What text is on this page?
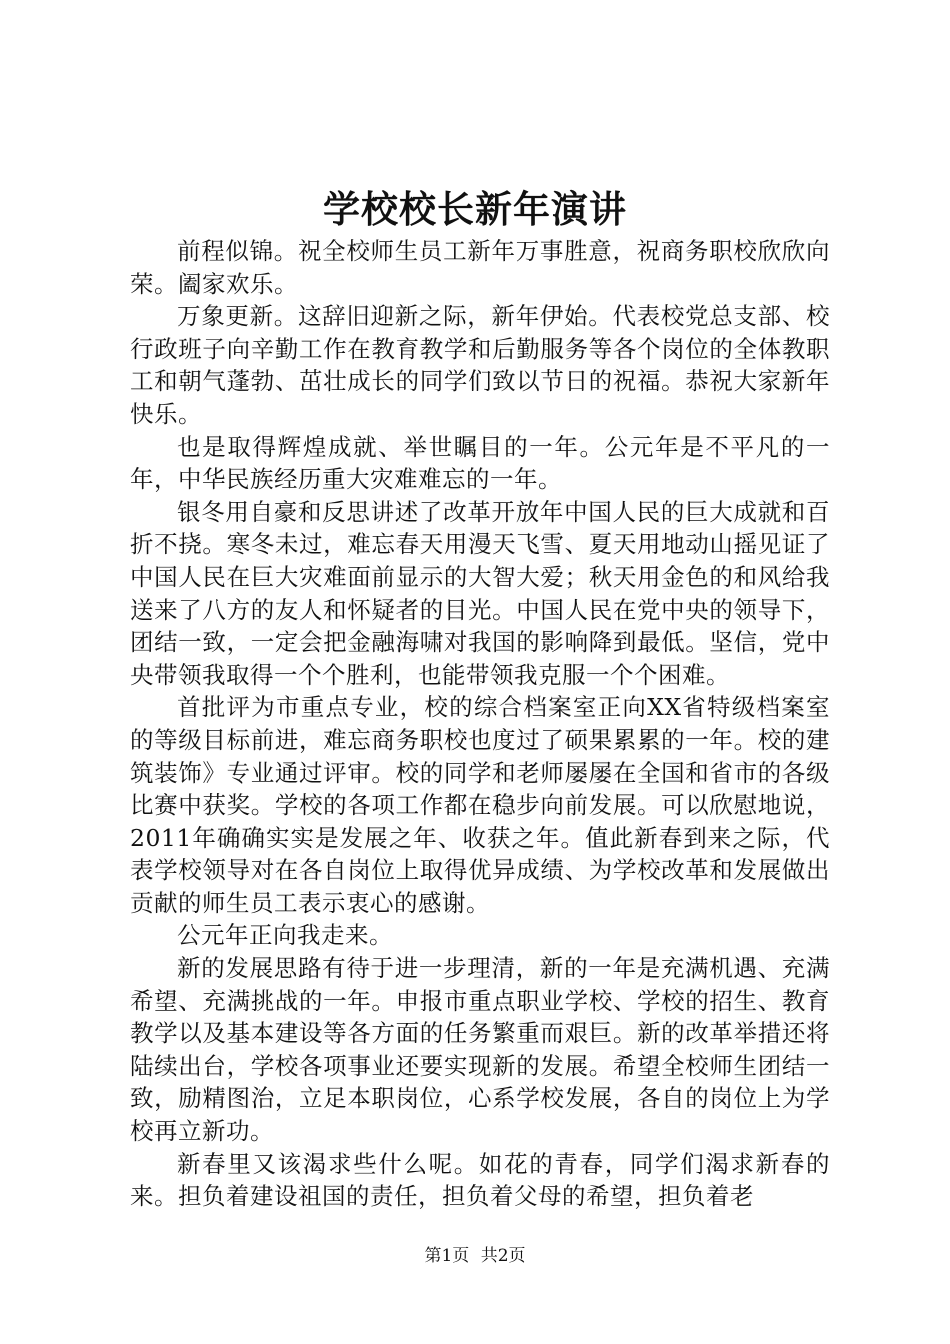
学校校长新年演讲

前程似锦。祝全校师生员工新年万事胜意，祝商务职校欣欣向荣。阖家欢乐。

万象更新。这辞旧迎新之际，新年伊始。代表校党总支部、校行政班子向辛勤工作在教育教学和后勤服务等各个岗位的全体教职工和朝气蓬勃、茁壮成长的同学们致以节日的祝福。恭祝大家新年快乐。

也是取得辉煌成就、举世瞩目的一年。公元年是不平凡的一年，中华民族经历重大灾难难忘的一年。

银冬用自豪和反思讲述了改革开放年中国人民的巨大成就和百折不挠。寒冬未过，难忘春天用漫天飞雪、夏天用地动山摇见证了中国人民在巨大灾难面前显示的大智大爱；秋天用金色的和风给我送来了八方的友人和怀疑者的目光。中国人民在党中央的领导下，团结一致，一定会把金融海啸对我国的影响降到最低。坚信，党中央带领我取得一个个胜利，也能带领我克服一个个困难。

首批评为市重点专业，校的综合档案室正向XX省特级档案室的等级目标前进，难忘商务职校也度过了硕果累累的一年。校的建筑装饰》专业通过评审。校的同学和老师屡屡在全国和省市的各级比赛中获奖。学校的各项工作都在稳步向前发展。可以欣慰地说，2011年确确实实是发展之年、收获之年。值此新春到来之际，代表学校领导对在各自岗位上取得优异成绩、为学校改革和发展做出贡献的师生员工表示衷心的感谢。

公元年正向我走来。

新的发展思路有待于进一步理清，新的一年是充满机遇、充满希望、充满挑战的一年。申报市重点职业学校、学校的招生、教育教学以及基本建设等各方面的任务繁重而艰巨。新的改革举措还将陆续出台，学校各项事业还要实现新的发展。希望全校师生团结一致，励精图治，立足本职岗位，心系学校发展，各自的岗位上为学校再立新功。

新春里又该渴求些什么呢。如花的青春，同学们渴求新春的来。担负着建设祖国的责任，担负着父母的希望，担负着老

第1页 共2页
